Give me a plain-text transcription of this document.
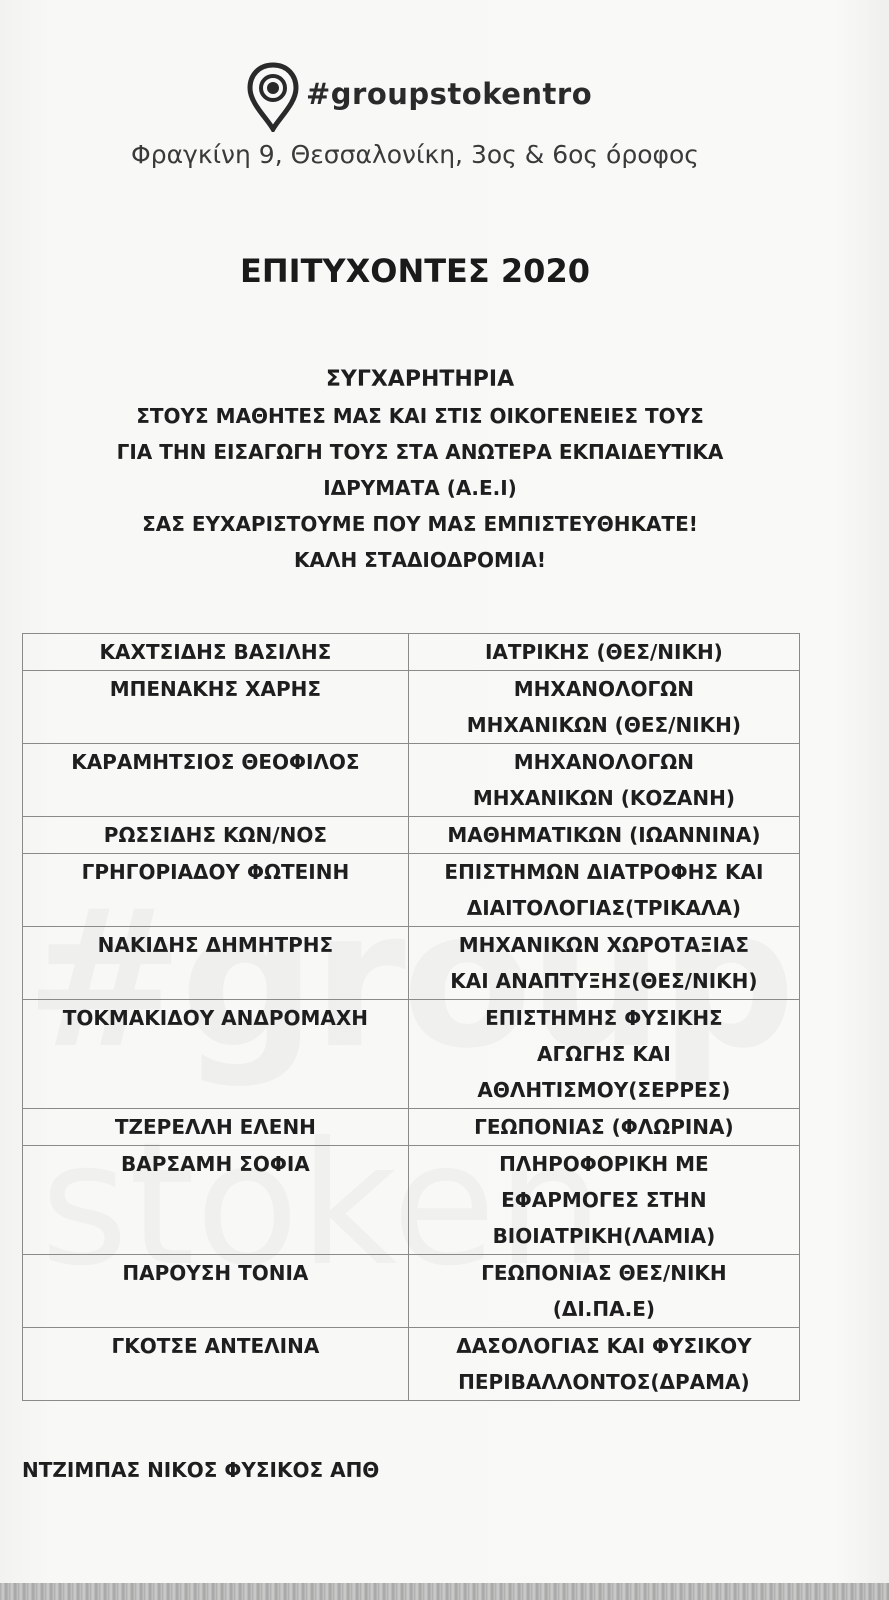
#groupstokentro
Φραγκίνη 9, Θεσσαλονίκη, 3ος & 6ος όροφος
ΕΠΙΤΥΧΟΝΤΕΣ 2020
ΣΥΓΧΑΡΗΤΗΡΙΑ
ΣΤΟΥΣ ΜΑΘΗΤΕΣ ΜΑΣ ΚΑΙ ΣΤΙΣ ΟΙΚΟΓΕΝΕΙΕΣ ΤΟΥΣ
ΓΙΑ ΤΗΝ ΕΙΣΑΓΩΓΗ ΤΟΥΣ ΣΤΑ ΑΝΩΤΕΡΑ ΕΚΠΑΙΔΕΥΤΙΚΑ
ΙΔΡΥΜΑΤΑ (Α.Ε.Ι)
ΣΑΣ ΕΥΧΑΡΙΣΤΟΥΜΕ ΠΟΥ ΜΑΣ ΕΜΠΙΣΤΕΥΘΗΚΑΤΕ!
ΚΑΛΗ ΣΤΑΔΙΟΔΡΟΜΙΑ!
ΚΑΧΤΣΙΔΗΣ ΒΑΣΙΛΗΣ	ΙΑΤΡΙΚΗΣ (ΘΕΣ/ΝΙΚΗ)

ΜΠΕΝΑΚΗΣ ΧΑΡΗΣ	ΜΗΧΑΝΟΛΟΓΩΝ
ΜΗΧΑΝΙΚΩΝ (ΘΕΣ/ΝΙΚΗ)

ΚΑΡΑΜΗΤΣΙΟΣ ΘΕΟΦΙΛΟΣ	ΜΗΧΑΝΟΛΟΓΩΝ
ΜΗΧΑΝΙΚΩΝ (ΚΟΖΑΝΗ)

ΡΩΣΣΙΔΗΣ ΚΩΝ/ΝΟΣ	ΜΑΘΗΜΑΤΙΚΩΝ (ΙΩΑΝΝΙΝΑ)

ΓΡΗΓΟΡΙΑΔΟΥ ΦΩΤΕΙΝΗ	ΕΠΙΣΤΗΜΩΝ ΔΙΑΤΡΟΦΗΣ ΚΑΙ
ΔΙΑΙΤΟΛΟΓΙΑΣ(ΤΡΙΚΑΛΑ)

ΝΑΚΙΔΗΣ ΔΗΜΗΤΡΗΣ	ΜΗΧΑΝΙΚΩΝ ΧΩΡΟΤΑΞΙΑΣ
ΚΑΙ ΑΝΑΠΤΥΞΗΣ(ΘΕΣ/ΝΙΚΗ)

ΤΟΚΜΑΚΙΔΟΥ ΑΝΔΡΟΜΑΧΗ	ΕΠΙΣΤΗΜΗΣ ΦΥΣΙΚΗΣ
ΑΓΩΓΗΣ ΚΑΙ
ΑΘΛΗΤΙΣΜΟΥ(ΣΕΡΡΕΣ)

ΤΖΕΡΕΛΛΗ ΕΛΕΝΗ	ΓΕΩΠΟΝΙΑΣ (ΦΛΩΡΙΝΑ)

ΒΑΡΣΑΜΗ ΣΟΦΙΑ	ΠΛΗΡΟΦΟΡΙΚΗ ΜΕ
ΕΦΑΡΜΟΓΕΣ ΣΤΗΝ
ΒΙΟΙΑΤΡΙΚΗ(ΛΑΜΙΑ)

ΠΑΡΟΥΣΗ ΤΟΝΙΑ	ΓΕΩΠΟΝΙΑΣ ΘΕΣ/ΝΙΚΗ
(ΔΙ.ΠΑ.Ε)

ΓΚΟΤΣΕ ΑΝΤΕΛΙΝΑ	ΔΑΣΟΛΟΓΙΑΣ ΚΑΙ ΦΥΣΙΚΟΥ
ΠΕΡΙΒΑΛΛΟΝΤΟΣ(ΔΡΑΜΑ)
ΝΤΖΙΜΠΑΣ ΝΙΚΟΣ ΦΥΣΙΚΟΣ ΑΠΘ
